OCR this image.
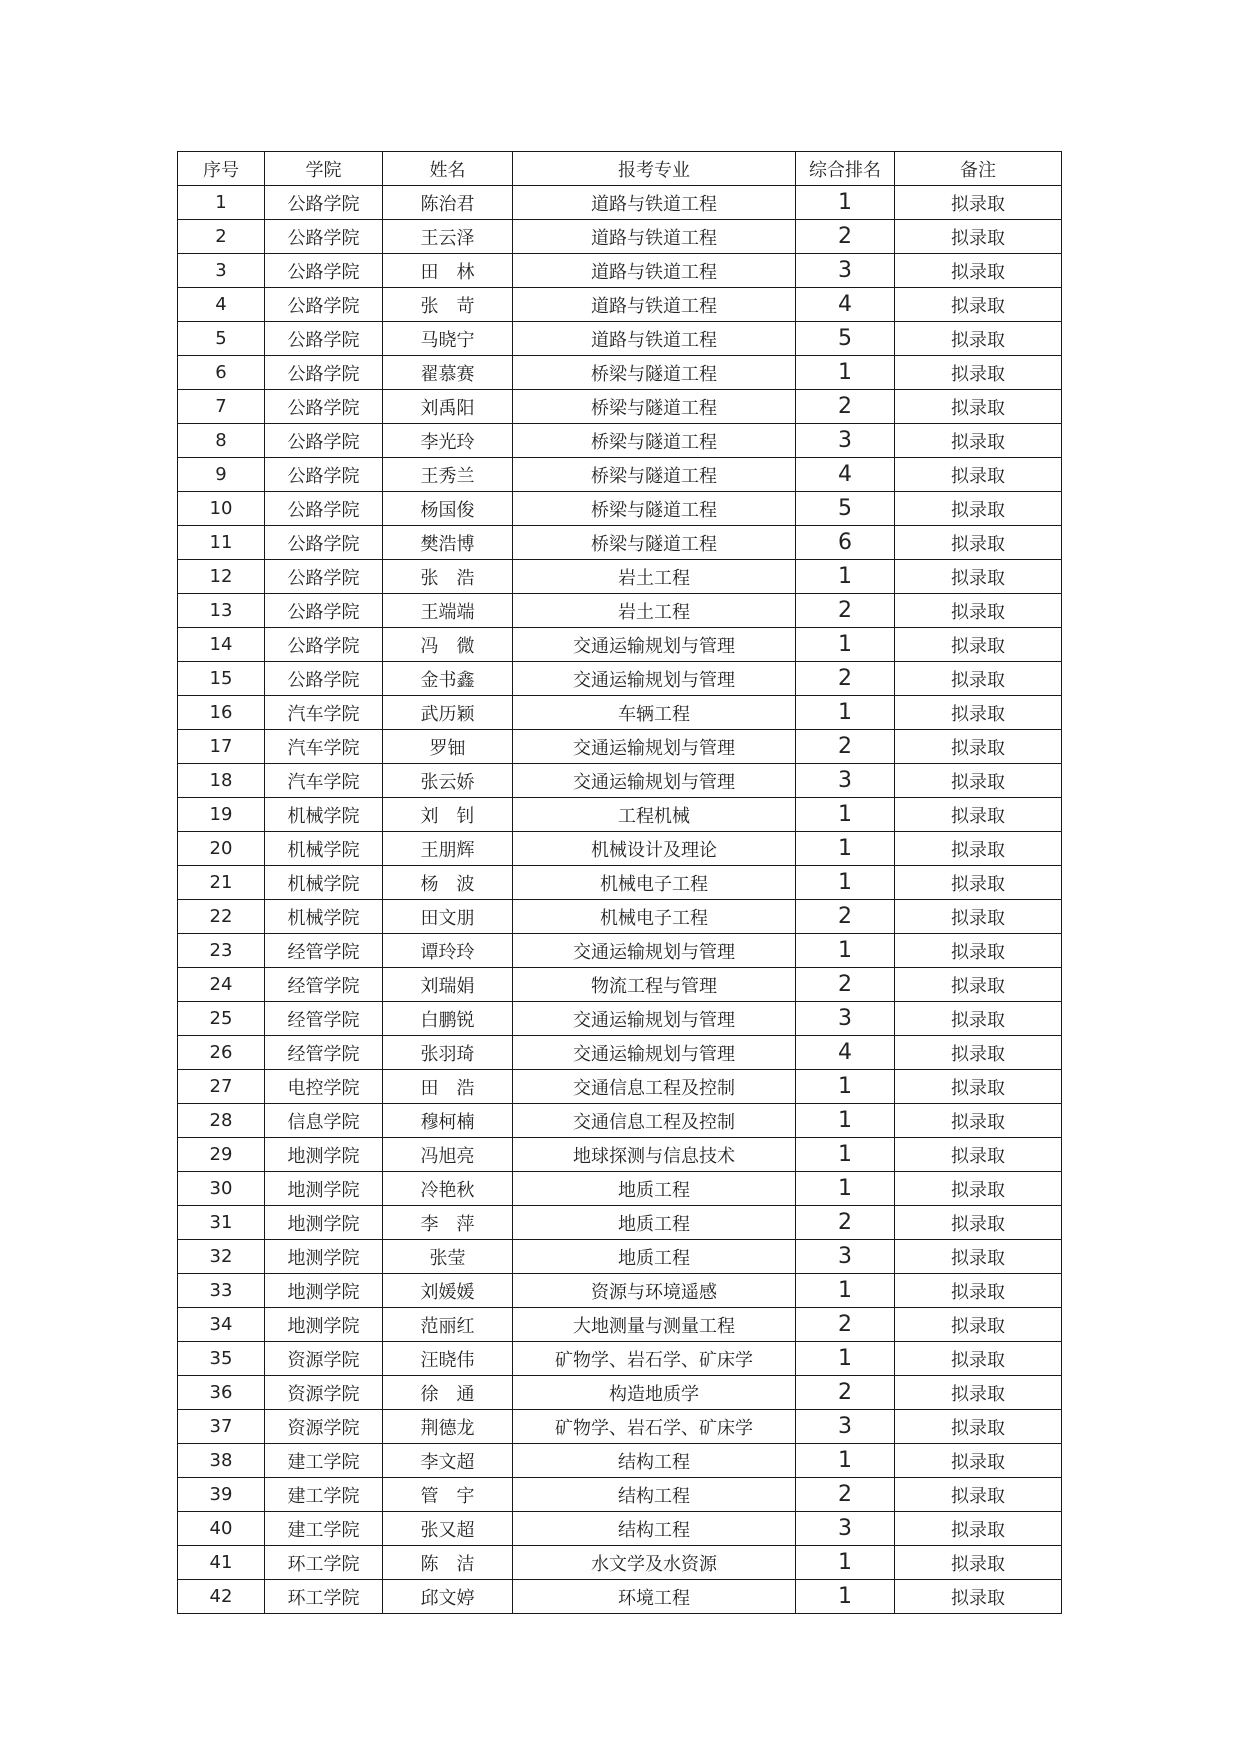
序号	学院	姓名	报考专业	综合排名	备注
1	公路学院	陈治君	道路与铁道工程	1	拟录取
2	公路学院	王云泽	道路与铁道工程	2	拟录取
3	公路学院	田　林	道路与铁道工程	3	拟录取
4	公路学院	张　苛	道路与铁道工程	4	拟录取
5	公路学院	马晓宁	道路与铁道工程	5	拟录取
6	公路学院	翟慕赛	桥梁与隧道工程	1	拟录取
7	公路学院	刘禹阳	桥梁与隧道工程	2	拟录取
8	公路学院	李光玲	桥梁与隧道工程	3	拟录取
9	公路学院	王秀兰	桥梁与隧道工程	4	拟录取
10	公路学院	杨国俊	桥梁与隧道工程	5	拟录取
11	公路学院	樊浩博	桥梁与隧道工程	6	拟录取
12	公路学院	张　浩	岩土工程	1	拟录取
13	公路学院	王端端	岩土工程	2	拟录取
14	公路学院	冯　微	交通运输规划与管理	1	拟录取
15	公路学院	金书鑫	交通运输规划与管理	2	拟录取
16	汽车学院	武历颖	车辆工程	1	拟录取
17	汽车学院	罗钿	交通运输规划与管理	2	拟录取
18	汽车学院	张云娇	交通运输规划与管理	3	拟录取
19	机械学院	刘　钊	工程机械	1	拟录取
20	机械学院	王朋辉	机械设计及理论	1	拟录取
21	机械学院	杨　波	机械电子工程	1	拟录取
22	机械学院	田文朋	机械电子工程	2	拟录取
23	经管学院	谭玲玲	交通运输规划与管理	1	拟录取
24	经管学院	刘瑞娟	物流工程与管理	2	拟录取
25	经管学院	白鹏锐	交通运输规划与管理	3	拟录取
26	经管学院	张羽琦	交通运输规划与管理	4	拟录取
27	电控学院	田　浩	交通信息工程及控制	1	拟录取
28	信息学院	穆柯楠	交通信息工程及控制	1	拟录取
29	地测学院	冯旭亮	地球探测与信息技术	1	拟录取
30	地测学院	冷艳秋	地质工程	1	拟录取
31	地测学院	李　萍	地质工程	2	拟录取
32	地测学院	张莹	地质工程	3	拟录取
33	地测学院	刘媛媛	资源与环境遥感	1	拟录取
34	地测学院	范丽红	大地测量与测量工程	2	拟录取
35	资源学院	汪晓伟	矿物学、岩石学、矿床学	1	拟录取
36	资源学院	徐　通	构造地质学	2	拟录取
37	资源学院	荆德龙	矿物学、岩石学、矿床学	3	拟录取
38	建工学院	李文超	结构工程	1	拟录取
39	建工学院	管　宇	结构工程	2	拟录取
40	建工学院	张又超	结构工程	3	拟录取
41	环工学院	陈　洁	水文学及水资源	1	拟录取
42	环工学院	邱文婷	环境工程	1	拟录取
